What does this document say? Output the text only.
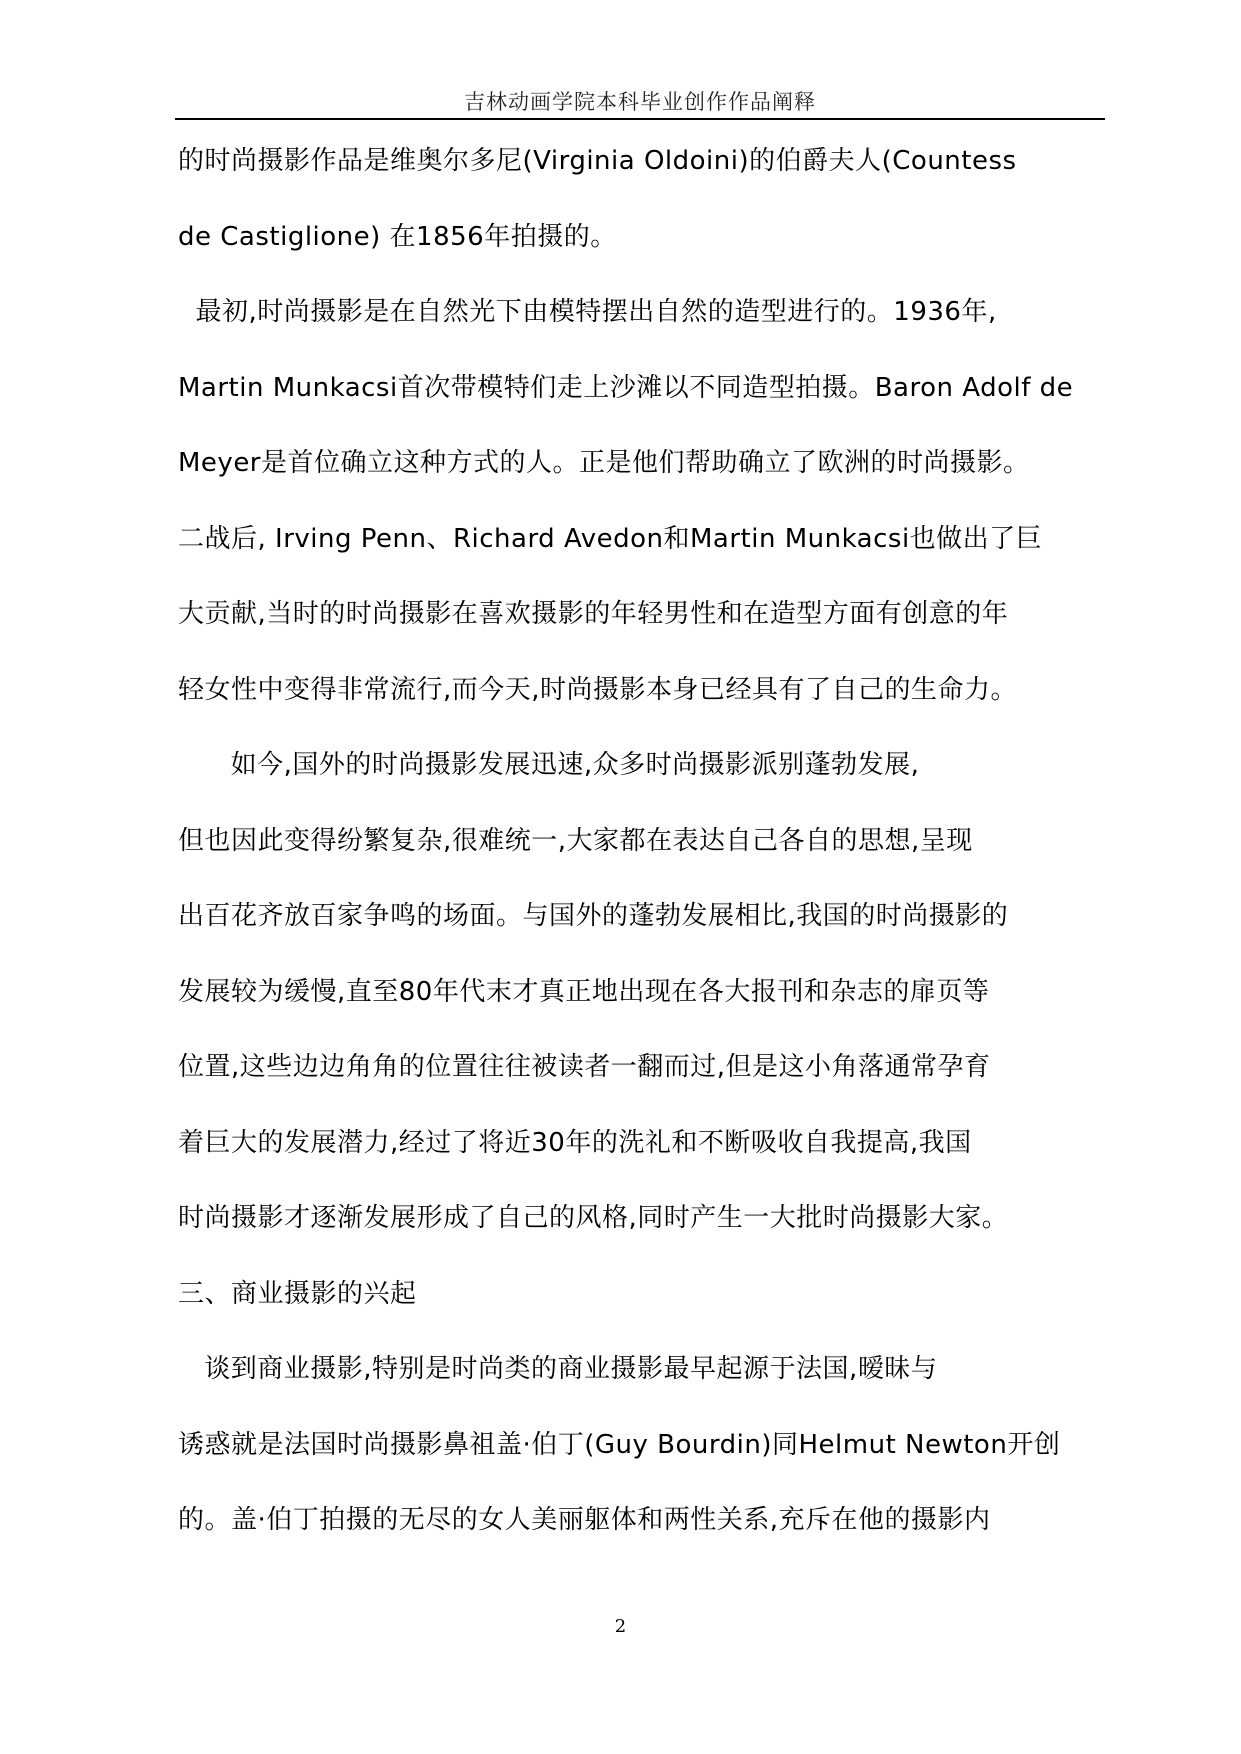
吉林动画学院本科毕业创作作品阐释
的时尚摄影作品是维奥尔多尼(Virginia Oldoini)的伯爵夫人(Countess
de Castiglione) 在1856年拍摄的。
最初,时尚摄影是在自然光下由模特摆出自然的造型进行的。1936年,
Martin Munkacsi首次带模特们走上沙滩以不同造型拍摄。Baron Adolf de
Meyer是首位确立这种方式的人。正是他们帮助确立了欧洲的时尚摄影。
二战后, Irving Penn、Richard Avedon和Martin Munkacsi也做出了巨
大贡献,当时的时尚摄影在喜欢摄影的年轻男性和在造型方面有创意的年
轻女性中变得非常流行,而今天,时尚摄影本身已经具有了自己的生命力。
如今,国外的时尚摄影发展迅速,众多时尚摄影派别蓬勃发展,
但也因此变得纷繁复杂,很难统一,大家都在表达自己各自的思想,呈现
出百花齐放百家争鸣的场面。与国外的蓬勃发展相比,我国的时尚摄影的
发展较为缓慢,直至80年代末才真正地出现在各大报刊和杂志的扉页等
位置,这些边边角角的位置往往被读者一翻而过,但是这小角落通常孕育
着巨大的发展潜力,经过了将近30年的洗礼和不断吸收自我提高,我国
时尚摄影才逐渐发展形成了自己的风格,同时产生一大批时尚摄影大家。
三、商业摄影的兴起
谈到商业摄影,特别是时尚类的商业摄影最早起源于法国,暧昧与
诱惑就是法国时尚摄影鼻祖盖·伯丁(Guy Bourdin)同Helmut Newton开创
的。盖·伯丁拍摄的无尽的女人美丽躯体和两性关系,充斥在他的摄影内
2
